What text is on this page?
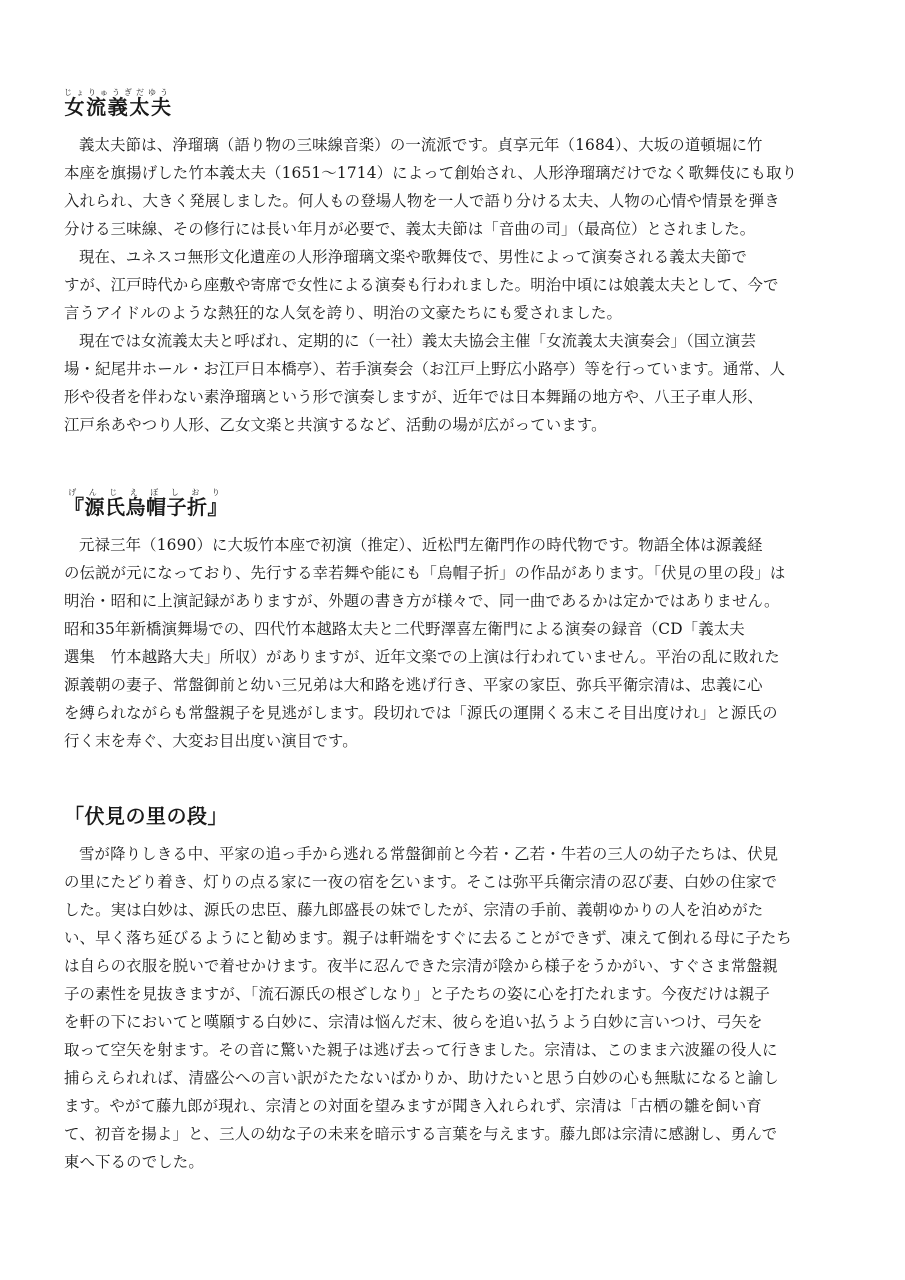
女流義太夫じょりゅうぎだゆう

義太夫節は、浄瑠璃（語り物の三味線音楽）の一流派です。貞享元年（1684）、大坂の道頓堀に竹
本座を旗揚げした竹本義太夫（1651～1714）によって創始され、人形浄瑠璃だけでなく歌舞伎にも取り
入れられ、大きく発展しました。何人もの登場人物を一人で語り分ける太夫、人物の心情や情景を弾き
分ける三味線、その修行には長い年月が必要で、義太夫節は「音曲の司」（最高位）とされました。

現在、ユネスコ無形文化遺産の人形浄瑠璃文楽や歌舞伎で、男性によって演奏される義太夫節で
すが、江戸時代から座敷や寄席で女性による演奏も行われました。明治中頃には娘義太夫として、今で
言うアイドルのような熱狂的な人気を誇り、明治の文豪たちにも愛されました。

現在では女流義太夫と呼ばれ、定期的に（一社）義太夫協会主催「女流義太夫演奏会」（国立演芸
場・紀尾井ホール・お江戸日本橋亭）、若手演奏会（お江戸上野広小路亭）等を行っています。通常、人
形や役者を伴わない素浄瑠璃という形で演奏しますが、近年では日本舞踊の地方や、八王子車人形、
江戸糸あやつり人形、乙女文楽と共演するなど、活動の場が広がっています。

『源氏烏帽子折』げんじえぼしおり

元禄三年（1690）に大坂竹本座で初演（推定）、近松門左衛門作の時代物です。物語全体は源義経
の伝説が元になっており、先行する幸若舞や能にも「烏帽子折」の作品があります。「伏見の里の段」は
明治・昭和に上演記録がありますが、外題の書き方が様々で、同一曲であるかは定かではありません。
昭和35年新橋演舞場での、四代竹本越路太夫と二代野澤喜左衛門による演奏の録音（CD「義太夫
選集　竹本越路大夫」所収）がありますが、近年文楽での上演は行われていません。平治の乱に敗れた
源義朝の妻子、常盤御前と幼い三兄弟は大和路を逃げ行き、平家の家臣、弥兵平衛宗清は、忠義に心
を縛られながらも常盤親子を見逃がします。段切れでは「源氏の運開くる末こそ目出度けれ」と源氏の
行く末を寿ぐ、大変お目出度い演目です。

「伏見の里の段」

雪が降りしきる中、平家の追っ手から逃れる常盤御前と今若・乙若・牛若の三人の幼子たちは、伏見
の里にたどり着き、灯りの点る家に一夜の宿を乞います。そこは弥平兵衛宗清の忍び妻、白妙の住家で
した。実は白妙は、源氏の忠臣、藤九郎盛長の妹でしたが、宗清の手前、義朝ゆかりの人を泊めがた
い、早く落ち延びるようにと勧めます。親子は軒端をすぐに去ることができず、凍えて倒れる母に子たち
は自らの衣服を脱いで着せかけます。夜半に忍んできた宗清が陰から様子をうかがい、すぐさま常盤親
子の素性を見抜きますが、「流石源氏の根ざしなり」と子たちの姿に心を打たれます。今夜だけは親子
を軒の下においてと嘆願する白妙に、宗清は悩んだ末、彼らを追い払うよう白妙に言いつけ、弓矢を
取って空矢を射ます。その音に驚いた親子は逃げ去って行きました。宗清は、このまま六波羅の役人に
捕らえられれば、清盛公への言い訳がたたないばかりか、助けたいと思う白妙の心も無駄になると諭し
ます。やがて藤九郎が現れ、宗清との対面を望みますが聞き入れられず、宗清は「古栖の雛を飼い育
て、初音を揚よ」と、三人の幼な子の未来を暗示する言葉を与えます。藤九郎は宗清に感謝し、勇んで
東へ下るのでした。
